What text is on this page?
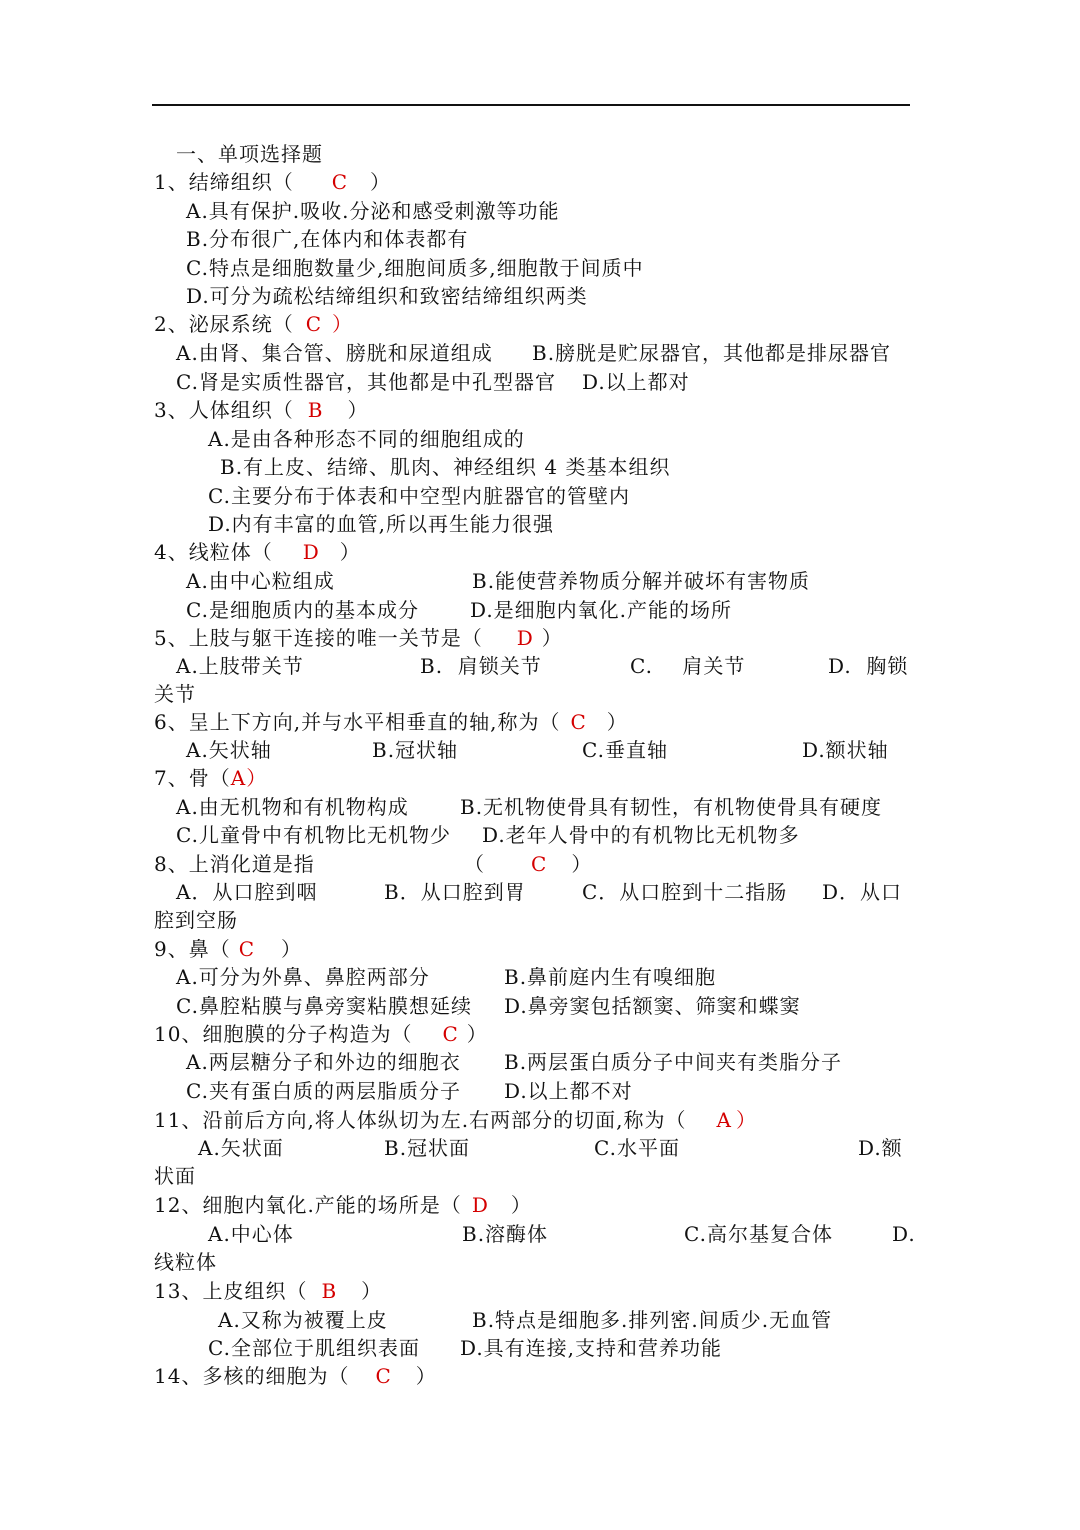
一、单项选择题
1、结缔组织（ C ）
A.具有保护.吸收.分泌和感受刺激等功能
B.分布很广,在体内和体表都有
C.特点是细胞数量少,细胞间质多,细胞散于间质中
D.可分为疏松结缔组织和致密结缔组织两类
2、泌尿系统（ C ）
A.由肾、集合管、膀胱和尿道组成 B.膀胱是贮尿器官，其他都是排尿器官
C.肾是实质性器官，其他都是中孔型器官 D.以上都对
3、人体组织（ B ）
A.是由各种形态不同的细胞组成的
B.有上皮、结缔、肌肉、神经组织 4 类基本组织
C.主要分布于体表和中空型内脏器官的管壁内
D.内有丰富的血管,所以再生能力很强
4、线粒体（ D ）
A.由中心粒组成	B.能使营养物质分解并破坏有害物质
C.是细胞质内的基本成分	D.是细胞内氧化.产能的场所
5、上肢与躯干连接的唯一关节是（ D ）
A.上肢带关节	B.  肩锁关节	C.    肩关节	D.  胸锁
关节
6、呈上下方向,并与水平相垂直的轴,称为（ C ）
A.矢状轴	B.冠状轴	C.垂直轴	D.额状轴
7、骨（A）
A.由无机物和有机物构成	B.无机物使骨具有韧性，有机物使骨具有硬度
C.儿童骨中有机物比无机物少 D.老年人骨中的有机物比无机物多
8、上消化道是指	（ C ）
A．从口腔到咽	B．从口腔到胃	C．从口腔到十二指肠 D．从口
腔到空肠
9、鼻（ C ）
A.可分为外鼻、鼻腔两部分	B.鼻前庭内生有嗅细胞
C.鼻腔粘膜与鼻旁窦粘膜想延续 D.鼻旁窦包括额窦、筛窦和蝶窦
10、细胞膜的分子构造为（ C ）
A.两层糖分子和外边的细胞衣 B.两层蛋白质分子中间夹有类脂分子
C.夹有蛋白质的两层脂质分子 D.以上都不对
11、沿前后方向,将人体纵切为左.右两部分的切面,称为（ A ）
A.矢状面	B.冠状面	C.水平面	D.额
状面
12、细胞内氧化.产能的场所是（ D ）
A.中心体	B.溶酶体	C.高尔基复合体	D.
线粒体
13、上皮组织（ B ）
A.又称为被覆上皮	B.特点是细胞多.排列密.间质少.无血管
C.全部位于肌组织表面 D.具有连接,支持和营养功能
14、多核的细胞为（ C ）
